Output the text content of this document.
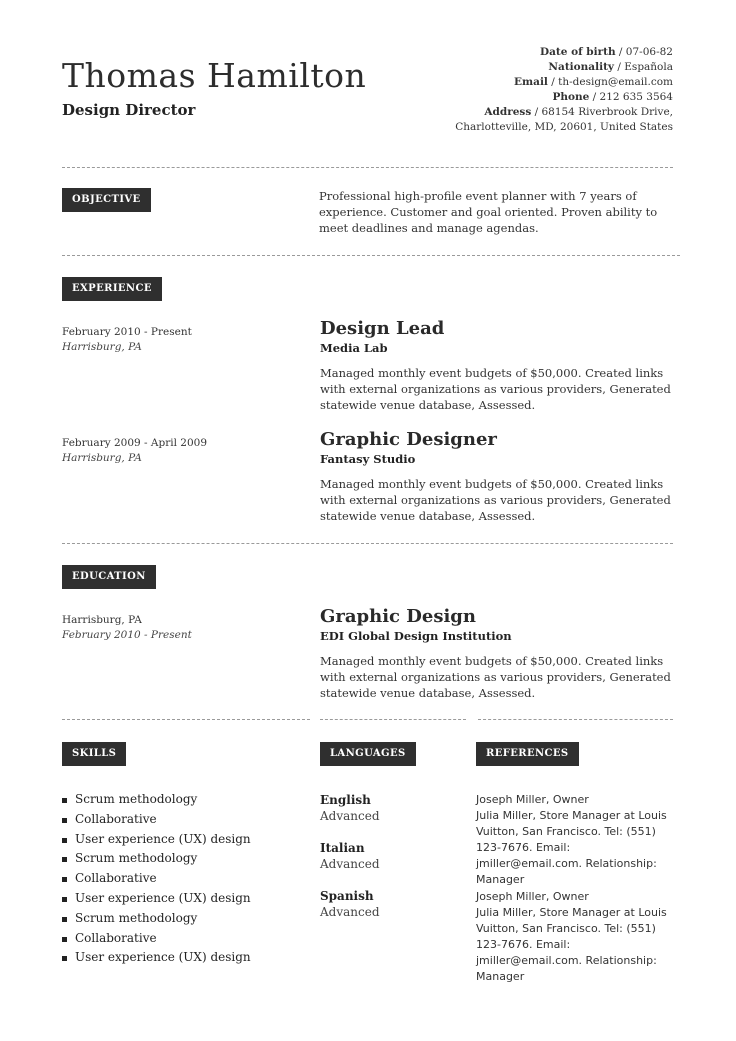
Thomas Hamilton
Design Director
Date of birth / 07-06-82
Nationality / Española
Email / th-design@email.com
Phone / 212 635 3564
Address / 68154 Riverbrook Drive,
Charlotteville, MD, 20601, United States
OBJECTIVE	Professional high-profile event planner with 7 years of experience. Customer and goal oriented. Proven ability to meet deadlines and manage agendas.
EXPERIENCE
February 2010 - Present
Harrisburg, PA
Design Lead
Media Lab
Managed monthly event budgets of $50,000. Created links with external organizations as various providers, Generated statewide venue database, Assessed.
February 2009 - April 2009
Harrisburg, PA
Graphic Designer
Fantasy Studio
Managed monthly event budgets of $50,000. Created links with external organizations as various providers, Generated statewide venue database, Assessed.
EDUCATION
Harrisburg, PA
February 2010 - Present
Graphic Design
EDI Global Design Institution
Managed monthly event budgets of $50,000. Created links with external organizations as various providers, Generated statewide venue database, Assessed.
SKILLS
Scrum methodology
Collaborative
User experience (UX) design
Scrum methodology
Collaborative
User experience (UX) design
Scrum methodology
Collaborative
User experience (UX) design
LANGUAGES
English
Advanced
Italian
Advanced
Spanish
Advanced
REFERENCES
Joseph Miller, Owner
Julia Miller, Store Manager at Louis Vuitton, San Francisco. Tel: (551) 123-7676. Email: jmiller@email.com. Relationship: Manager
Joseph Miller, Owner
Julia Miller, Store Manager at Louis Vuitton, San Francisco. Tel: (551) 123-7676. Email: jmiller@email.com. Relationship: Manager
